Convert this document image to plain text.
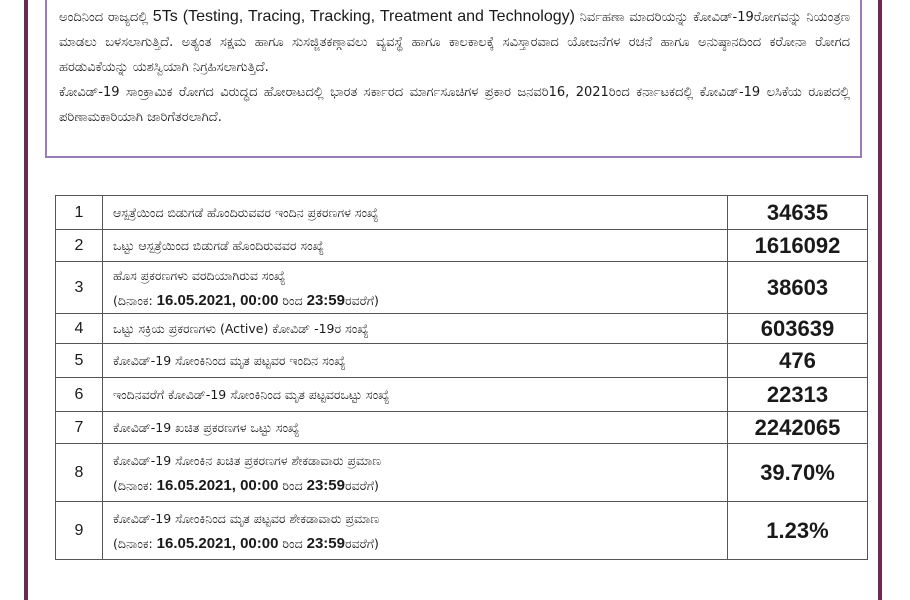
ಅಂದಿನಿಂದ ರಾಜ್ಯದಲ್ಲಿ 5Ts (Testing, Tracing, Tracking, Treatment and Technology) ನಿರ್ವಹಣಾ ಮಾದರಿಯನ್ನು ಕೋವಿಡ್-19ರೋಗವನ್ನು ನಿಯಂತ್ರಣ ಮಾಡಲು ಬಳಸಲಾಗುತ್ತಿದೆ. ಅತ್ಯಂತ ಸಕ್ಷಮ ಹಾಗೂ ಸುಸಜ್ಜಿತಕಣ್ಗಾವಲು ವ್ಯವಸ್ಥೆ ಹಾಗೂ ಕಾಲಕಾಲಕ್ಕೆ ಸವಿಸ್ತಾರವಾದ ಯೋಜನೆಗಳ ರಚನೆ ಹಾಗೂ ಅನುಷ್ಠಾನದಿಂದ ಕರೋನಾ ರೋಗದ ಹರಡುವಿಕೆಯನ್ನು ಯಶಸ್ವಿಯಾಗಿ ನಿಗ್ರಹಿಸಲಾಗುತ್ತಿದೆ.

ಕೋವಿಡ್-19 ಸಾಂಕ್ರಾಮಿಕ ರೋಗದ ವಿರುದ್ಧದ ಹೋರಾಟದಲ್ಲಿ ಭಾರತ ಸರ್ಕಾರದ ಮಾರ್ಗಸೂಚಿಗಳ ಪ್ರಕಾರ ಜನವರಿ16, 2021ರಿಂದ ಕರ್ನಾಟಕದಲ್ಲಿ ಕೋವಿಡ್-19 ಲಸಿಕೆಯ ರೂಪದಲ್ಲಿ ಪರಿಣಾಮಕಾರಿಯಾಗಿ ಜಾರಿಗೆತರಲಾಗಿದೆ.

1	ಆಸ್ಪತ್ರೆಯಿಂದ ಬಿಡುಗಡೆ ಹೊಂದಿರುವವರ ಇಂದಿನ ಪ್ರಕರಣಗಳ ಸಂಖ್ಯೆ	34635
2	ಒಟ್ಟು ಆಸ್ಪತ್ರೆಯಿಂದ ಬಿಡುಗಡೆ ಹೊಂದಿರುವವರ ಸಂಖ್ಯೆ	1616092
3	ಹೊಸ ಪ್ರಕರಣಗಳು ವರದಿಯಾಗಿರುವ ಸಂಖ್ಯೆ
(ದಿನಾಂಕ: 16.05.2021, 00:00 ರಿಂದ 23:59ರವರೆಗೆ)	38603
4	ಒಟ್ಟು ಸಕ್ರಿಯ ಪ್ರಕರಣಗಳು (Active) ಕೋವಿಡ್ -19ರ ಸಂಖ್ಯೆ	603639
5	ಕೋವಿಡ್-19 ಸೋಂಕಿನಿಂದ ಮೃತ ಪಟ್ಟವರ ಇಂದಿನ ಸಂಖ್ಯೆ	476
6	ಇಂದಿನವರೆಗೆ ಕೋವಿಡ್-19 ಸೋಂಕಿನಿಂದ ಮೃತ ಪಟ್ಟವರಒಟ್ಟು ಸಂಖ್ಯೆ	22313
7	ಕೋವಿಡ್-19 ಖಚಿತ ಪ್ರಕರಣಗಳ ಒಟ್ಟು ಸಂಖ್ಯೆ	2242065
8	ಕೋವಿಡ್-19 ಸೋಂಕಿನ ಖಚಿತ ಪ್ರಕರಣಗಳ ಶೇಕಡಾವಾರು ಪ್ರಮಾಣ
(ದಿನಾಂಕ: 16.05.2021, 00:00 ರಿಂದ 23:59ರವರೆಗೆ)	39.70%
9	ಕೋವಿಡ್-19 ಸೋಂಕಿನಿಂದ ಮೃತ ಪಟ್ಟವರ ಶೇಕಡಾವಾರು ಪ್ರಮಾಣ
(ದಿನಾಂಕ: 16.05.2021, 00:00 ರಿಂದ 23:59ರವರೆಗೆ)	1.23%
